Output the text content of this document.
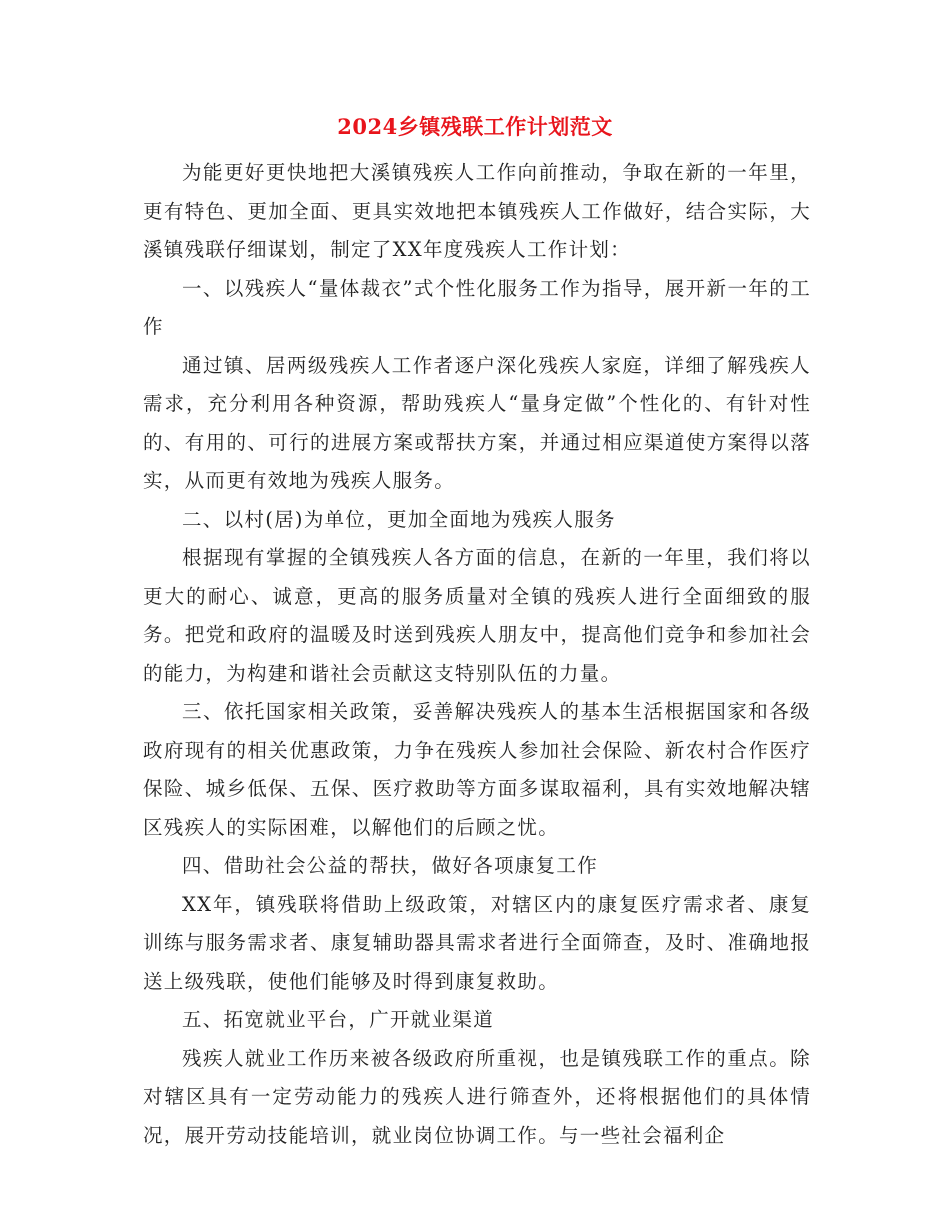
2024乡镇残联工作计划范文

为能更好更快地把大溪镇残疾人工作向前推动，争取在新的一年里，更有特色、更加全面、更具实效地把本镇残疾人工作做好，结合实际，大溪镇残联仔细谋划，制定了XX年度残疾人工作计划：

一、以残疾人“量体裁衣”式个性化服务工作为指导，展开新一年的工作

通过镇、居两级残疾人工作者逐户深化残疾人家庭，详细了解残疾人需求，充分利用各种资源，帮助残疾人“量身定做”个性化的、有针对性的、有用的、可行的进展方案或帮扶方案，并通过相应渠道使方案得以落实，从而更有效地为残疾人服务。

二、以村(居)为单位，更加全面地为残疾人服务

根据现有掌握的全镇残疾人各方面的信息，在新的一年里，我们将以更大的耐心、诚意，更高的服务质量对全镇的残疾人进行全面细致的服务。把党和政府的温暖及时送到残疾人朋友中，提高他们竞争和参加社会的能力，为构建和谐社会贡献这支特别队伍的力量。

三、依托国家相关政策，妥善解决残疾人的基本生活根据国家和各级政府现有的相关优惠政策，力争在残疾人参加社会保险、新农村合作医疗保险、城乡低保、五保、医疗救助等方面多谋取福利，具有实效地解决辖区残疾人的实际困难，以解他们的后顾之忧。

四、借助社会公益的帮扶，做好各项康复工作

XX年，镇残联将借助上级政策，对辖区内的康复医疗需求者、康复训练与服务需求者、康复辅助器具需求者进行全面筛查，及时、准确地报送上级残联，使他们能够及时得到康复救助。

五、拓宽就业平台，广开就业渠道

残疾人就业工作历来被各级政府所重视，也是镇残联工作的重点。除对辖区具有一定劳动能力的残疾人进行筛查外，还将根据他们的具体情况，展开劳动技能培训，就业岗位协调工作。与一些社会福利企
